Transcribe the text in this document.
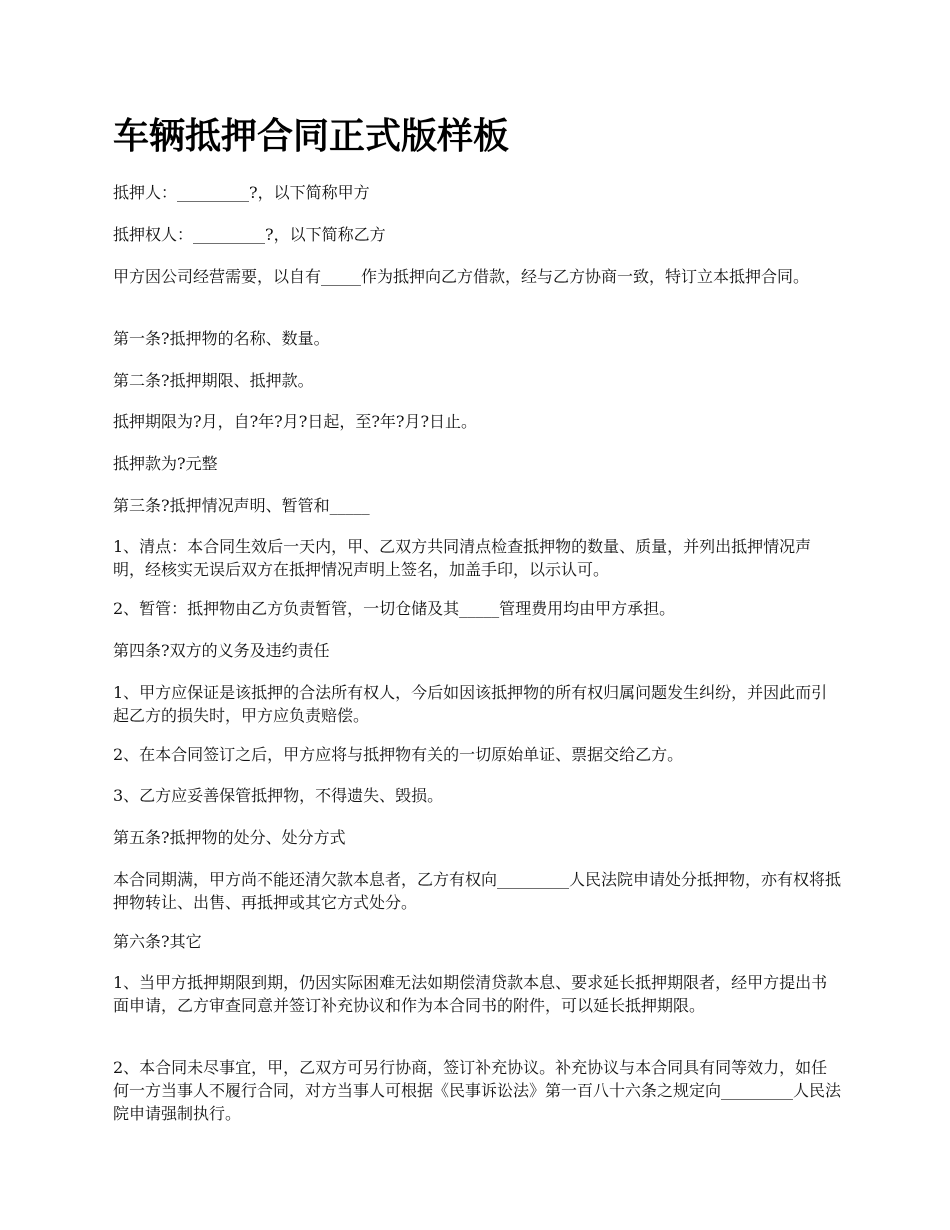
车辆抵押合同正式版样板

抵押人：_________?，以下简称甲方

抵押权人：_________?，以下简称乙方

甲方因公司经营需要，以自有_____作为抵押向乙方借款，经与乙方协商一致，特订立本抵押合同。

第一条?抵押物的名称、数量。

第二条?抵押期限、抵押款。

抵押期限为?月，自?年?月?日起，至?年?月?日止。

抵押款为?元整

第三条?抵押情况声明、暂管和_____

1、清点：本合同生效后一天内，甲、乙双方共同清点检查抵押物的数量、质量，并列出抵押情况声明，经核实无误后双方在抵押情况声明上签名，加盖手印，以示认可。

2、暂管：抵押物由乙方负责暂管，一切仓储及其_____管理费用均由甲方承担。

第四条?双方的义务及违约责任

1、甲方应保证是该抵押的合法所有权人，今后如因该抵押物的所有权归属问题发生纠纷，并因此而引起乙方的损失时，甲方应负责赔偿。

2、在本合同签订之后，甲方应将与抵押物有关的一切原始单证、票据交给乙方。

3、乙方应妥善保管抵押物，不得遗失、毁损。

第五条?抵押物的处分、处分方式

本合同期满，甲方尚不能还清欠款本息者，乙方有权向_________人民法院申请处分抵押物，亦有权将抵押物转让、出售、再抵押或其它方式处分。

第六条?其它

1、当甲方抵押期限到期，仍因实际困难无法如期偿清贷款本息、要求延长抵押期限者，经甲方提出书面申请，乙方审查同意并签订补充协议和作为本合同书的附件，可以延长抵押期限。

2、本合同未尽事宜，甲，乙双方可另行协商，签订补充协议。补充协议与本合同具有同等效力，如任何一方当事人不履行合同，对方当事人可根据《民事诉讼法》第一百八十六条之规定向_________人民法院申请强制执行。
